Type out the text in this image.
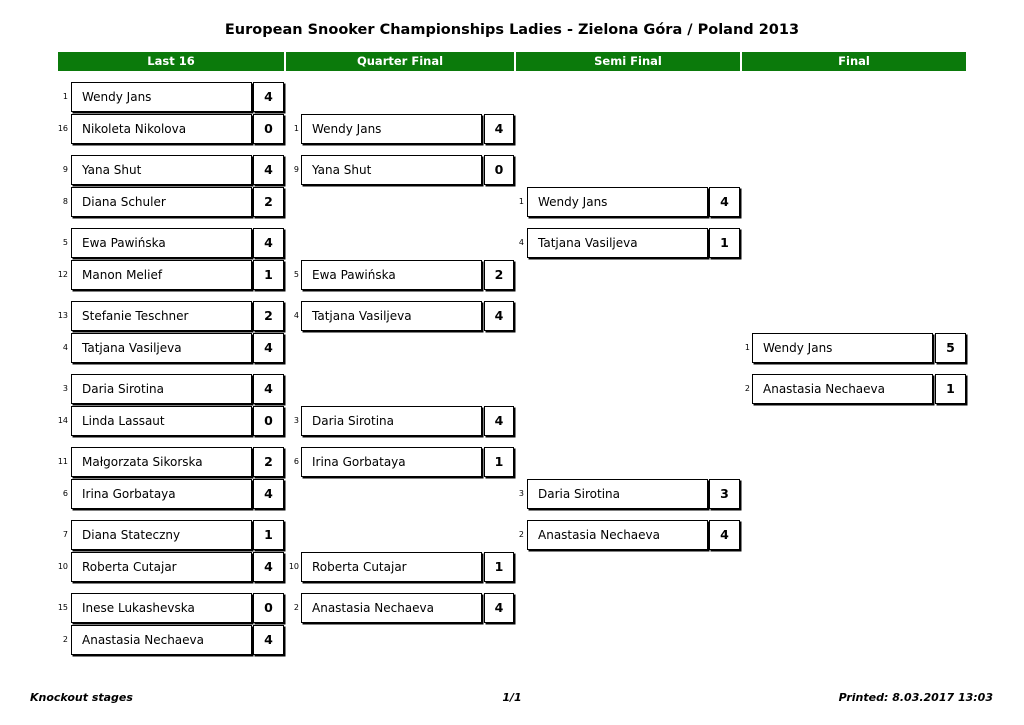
European Snooker Championships Ladies - Zielona Góra / Poland 2013
Last 16	Quarter Final	Semi Final	Final
1	Wendy Jans	4
16	Nikoleta Nikolova	0
9	Yana Shut	4
8	Diana Schuler	2
5	Ewa Pawińska	4
12	Manon Melief	1
13	Stefanie Teschner	2
4	Tatjana Vasiljeva	4
3	Daria Sirotina	4
14	Linda Lassaut	0
11	Małgorzata Sikorska	2
6	Irina Gorbataya	4
7	Diana Stateczny	1
10	Roberta Cutajar	4
15	Inese Lukashevska	0
2	Anastasia Nechaeva	4
1	Wendy Jans	4
9	Yana Shut	0
5	Ewa Pawińska	2
4	Tatjana Vasiljeva	4
3	Daria Sirotina	4
6	Irina Gorbataya	1
10	Roberta Cutajar	1
2	Anastasia Nechaeva	4
1	Wendy Jans	4
4	Tatjana Vasiljeva	1
3	Daria Sirotina	3
2	Anastasia Nechaeva	4
1	Wendy Jans	5
2	Anastasia Nechaeva	1
Knockout stages	1/1	Printed: 8.03.2017 13:03
